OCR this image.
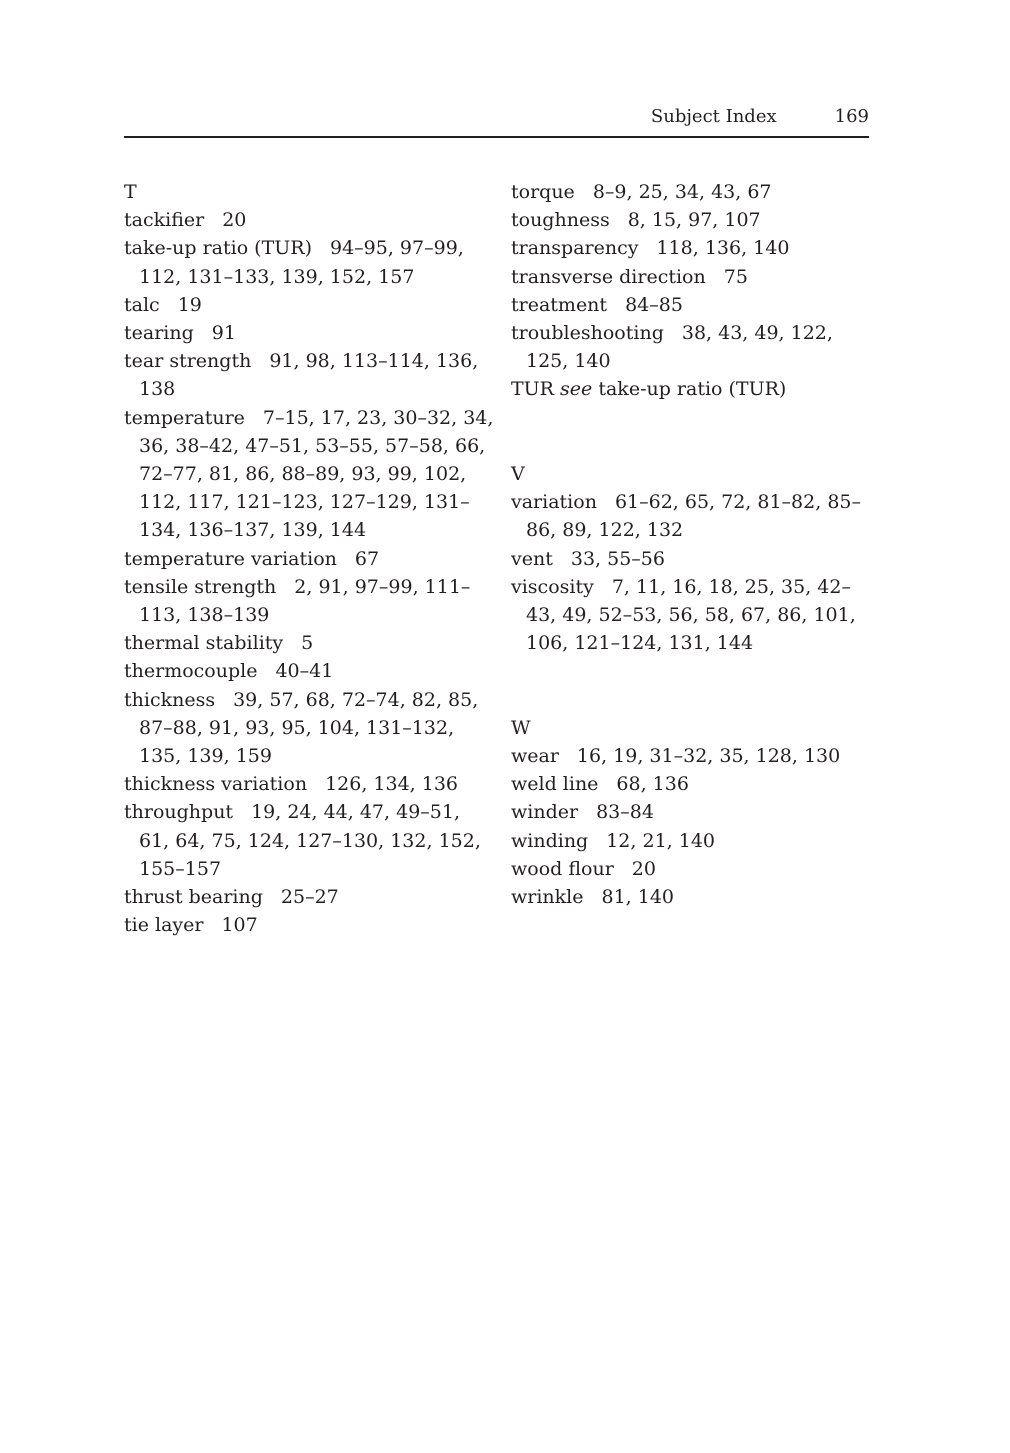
Subject Index	169
T
tackifier 20
take-up ratio (TUR) 94–95, 97–99, 112, 131–133, 139, 152, 157
talc 19
tearing 91
tear strength 91, 98, 113–114, 136, 138
temperature 7–15, 17, 23, 30–32, 34, 36, 38–42, 47–51, 53–55, 57–58, 66, 72–77, 81, 86, 88–89, 93, 99, 102, 112, 117, 121–123, 127–129, 131–134, 136–137, 139, 144
temperature variation 67
tensile strength 2, 91, 97–99, 111–113, 138–139
thermal stability 5
thermocouple 40–41
thickness 39, 57, 68, 72–74, 82, 85, 87–88, 91, 93, 95, 104, 131–132, 135, 139, 159
thickness variation 126, 134, 136
throughput 19, 24, 44, 47, 49–51, 61, 64, 75, 124, 127–130, 132, 152, 155–157
thrust bearing 25–27
tie layer 107
torque 8–9, 25, 34, 43, 67
toughness 8, 15, 97, 107
transparency 118, 136, 140
transverse direction 75
treatment 84–85
troubleshooting 38, 43, 49, 122, 125, 140
TUR see take-up ratio (TUR)
V
variation 61–62, 65, 72, 81–82, 85–86, 89, 122, 132
vent 33, 55–56
viscosity 7, 11, 16, 18, 25, 35, 42–43, 49, 52–53, 56, 58, 67, 86, 101, 106, 121–124, 131, 144
W
wear 16, 19, 31–32, 35, 128, 130
weld line 68, 136
winder 83–84
winding 12, 21, 140
wood flour 20
wrinkle 81, 140
